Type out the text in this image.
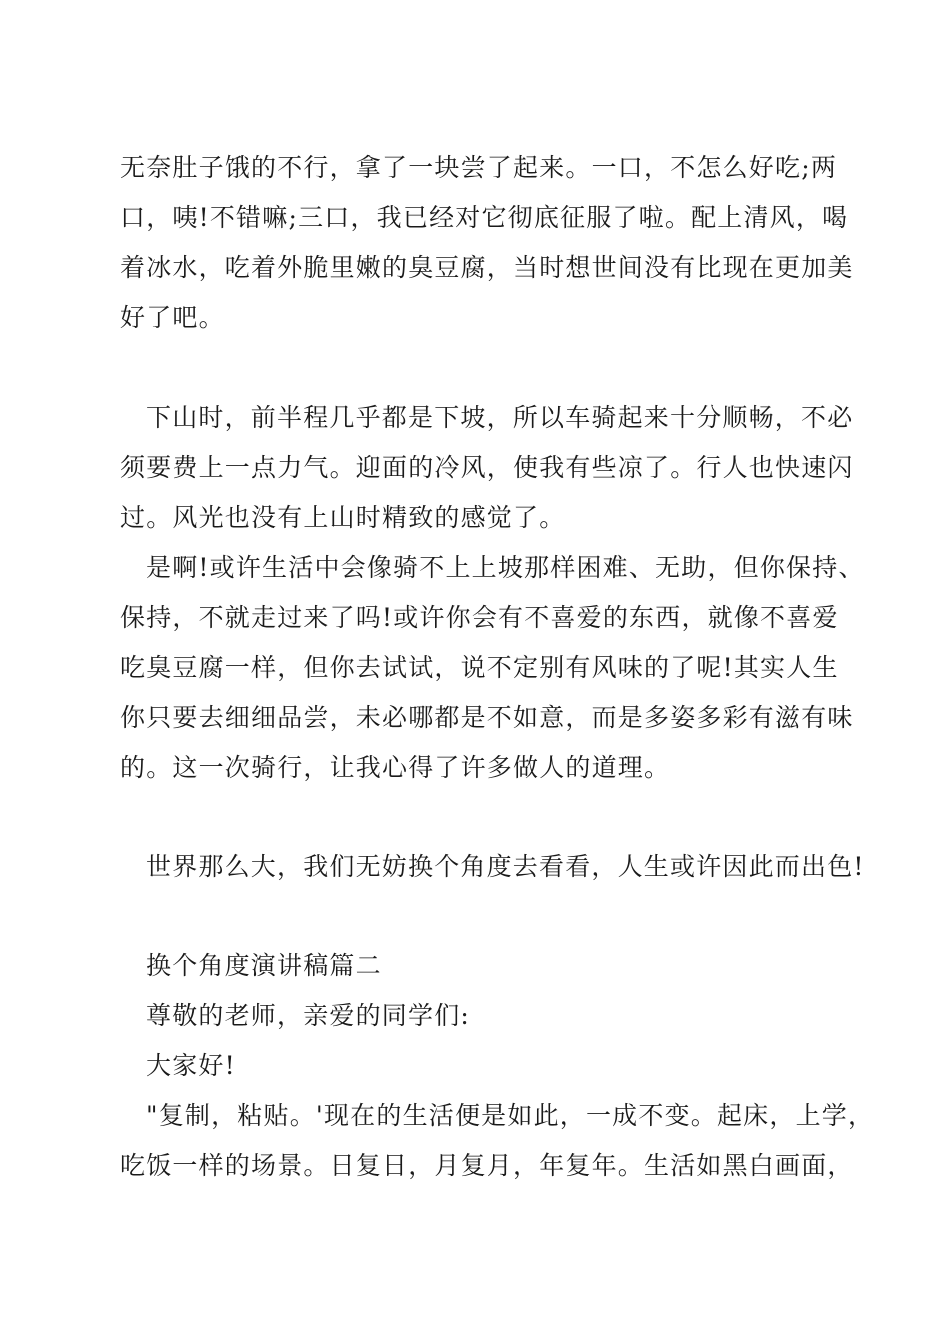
无奈肚子饿的不行，拿了一块尝了起来。一口，不怎么好吃;两
口，咦!不错嘛;三口，我已经对它彻底征服了啦。配上清风，喝
着冰水，吃着外脆里嫩的臭豆腐，当时想世间没有比现在更加美
好了吧。
下山时，前半程几乎都是下坡，所以车骑起来十分顺畅，不必
须要费上一点力气。迎面的冷风，使我有些凉了。行人也快速闪
过。风光也没有上山时精致的感觉了。
是啊!或许生活中会像骑不上上坡那样困难、无助，但你保持、
保持，不就走过来了吗!或许你会有不喜爱的东西，就像不喜爱
吃臭豆腐一样，但你去试试，说不定别有风味的了呢!其实人生
你只要去细细品尝，未必哪都是不如意，而是多姿多彩有滋有味
的。这一次骑行，让我心得了许多做人的道理。
世界那么大，我们无妨换个角度去看看，人生或许因此而出色!
换个角度演讲稿篇二
尊敬的老师，亲爱的同学们:
大家好!
"复制，粘贴。'现在的生活便是如此，一成不变。起床，上学，
吃饭一样的场景。日复日，月复月，年复年。生活如黑白画面，
